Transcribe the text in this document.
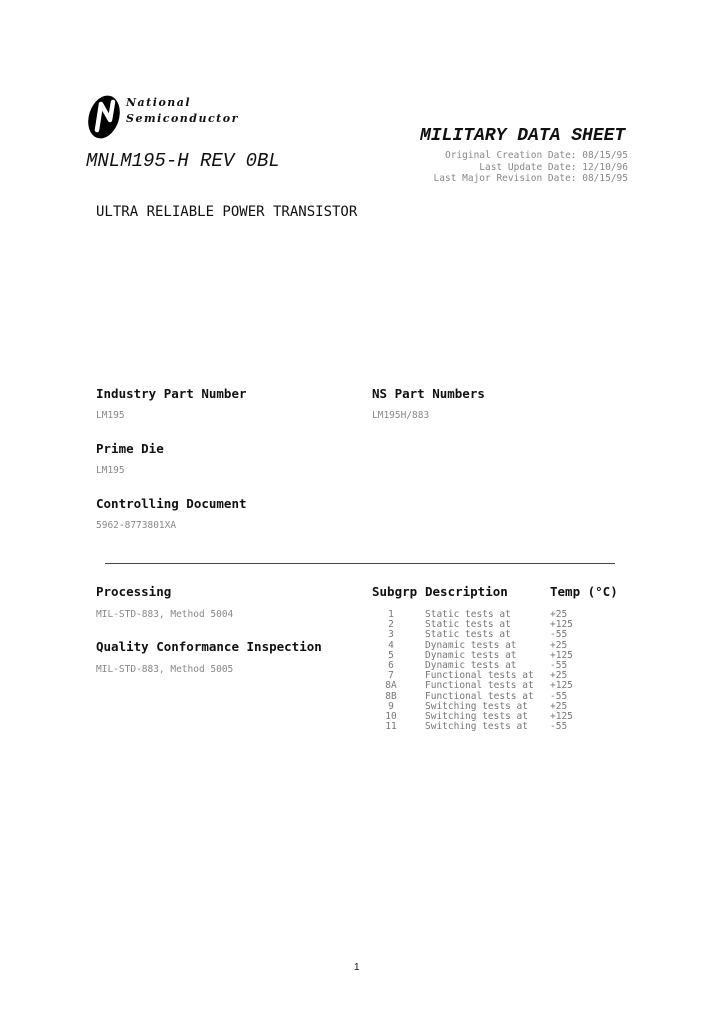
National
Semiconductor
MILITARY DATA SHEET
MNLM195-H REV 0BL	Original Creation Date: 08/15/95
Last Update Date: 12/10/96
Last Major Revision Date: 08/15/95
ULTRA RELIABLE POWER TRANSISTOR
Industry Part Number
LM195
NS Part Numbers
LM195H/883
Prime Die
LM195
Controlling Document
5962-8773801XA
Processing
MIL-STD-883, Method 5004
Quality Conformance Inspection
MIL-STD-883, Method 5005
Subgrp Description	Temp (°C)
1	Static tests at	+25
2	Static tests at	+125
3	Static tests at	-55
4	Dynamic tests at	+25
5	Dynamic tests at	+125
6	Dynamic tests at	-55
7	Functional tests at +25
8A	Functional tests at +125
8B	Functional tests at -55
9	Switching tests at +25
10	Switching tests at +125
11	Switching tests at -55
1
